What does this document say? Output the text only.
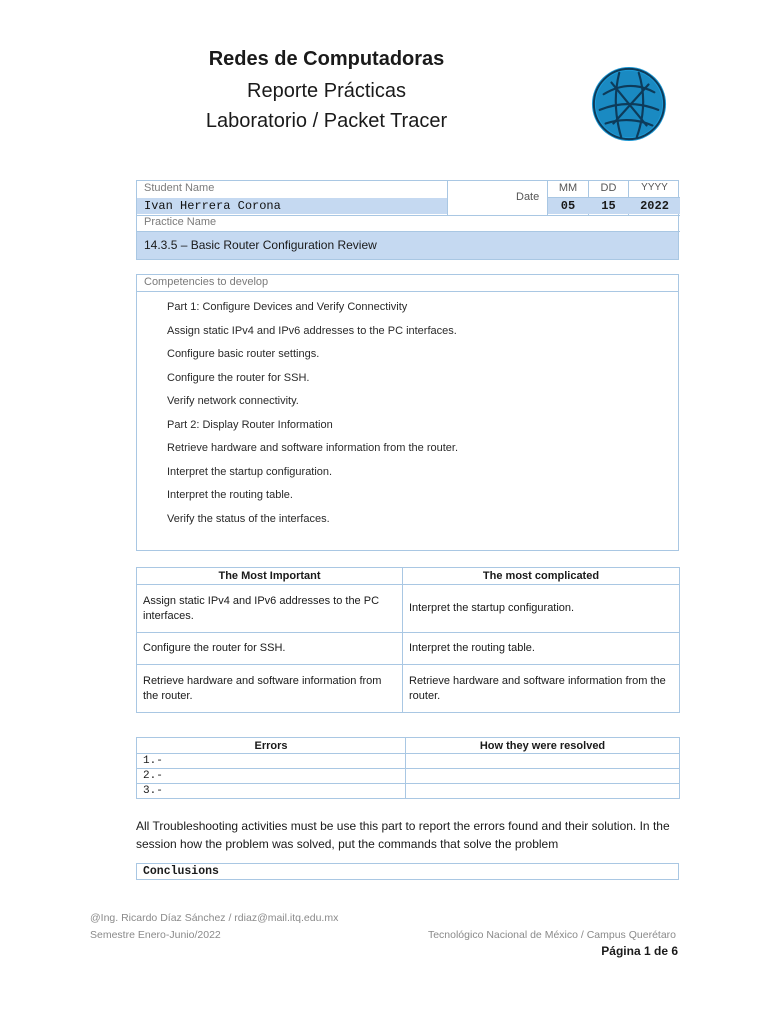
Redes de Computadoras
Reporte Prácticas
Laboratorio / Packet Tracer
Student Name
Ivan Herrera Corona
Date
MM	DD	YYYY
05	15	2022
Practice Name
14.3.5 – Basic Router Configuration Review
Competencies to develop
Part 1: Configure Devices and Verify Connectivity
Assign static IPv4 and IPv6 addresses to the PC interfaces.
Configure basic router settings.
Configure the router for SSH.
Verify network connectivity.
Part 2: Display Router Information
Retrieve hardware and software information from the router.
Interpret the startup configuration.
Interpret the routing table.
Verify the status of the interfaces.
The Most Important	The most complicated
Assign static IPv4 and IPv6 addresses to the PC interfaces.	Interpret the startup configuration.
Configure the router for SSH.	Interpret the routing table.
Retrieve hardware and software information from the router.	Retrieve hardware and software information from the router.
Errors	How they were resolved
1.-	
2.-	
3.-	
All Troubleshooting activities must be use this part to report the errors found and their solution. In the session how the problem was solved, put the commands that solve the problem
Conclusions
@Ing. Ricardo Díaz Sánchez / rdiaz@mail.itq.edu.mx
Semestre Enero-Junio/2022	Tecnológico Nacional de México / Campus Querétaro
Página 1 de 6
